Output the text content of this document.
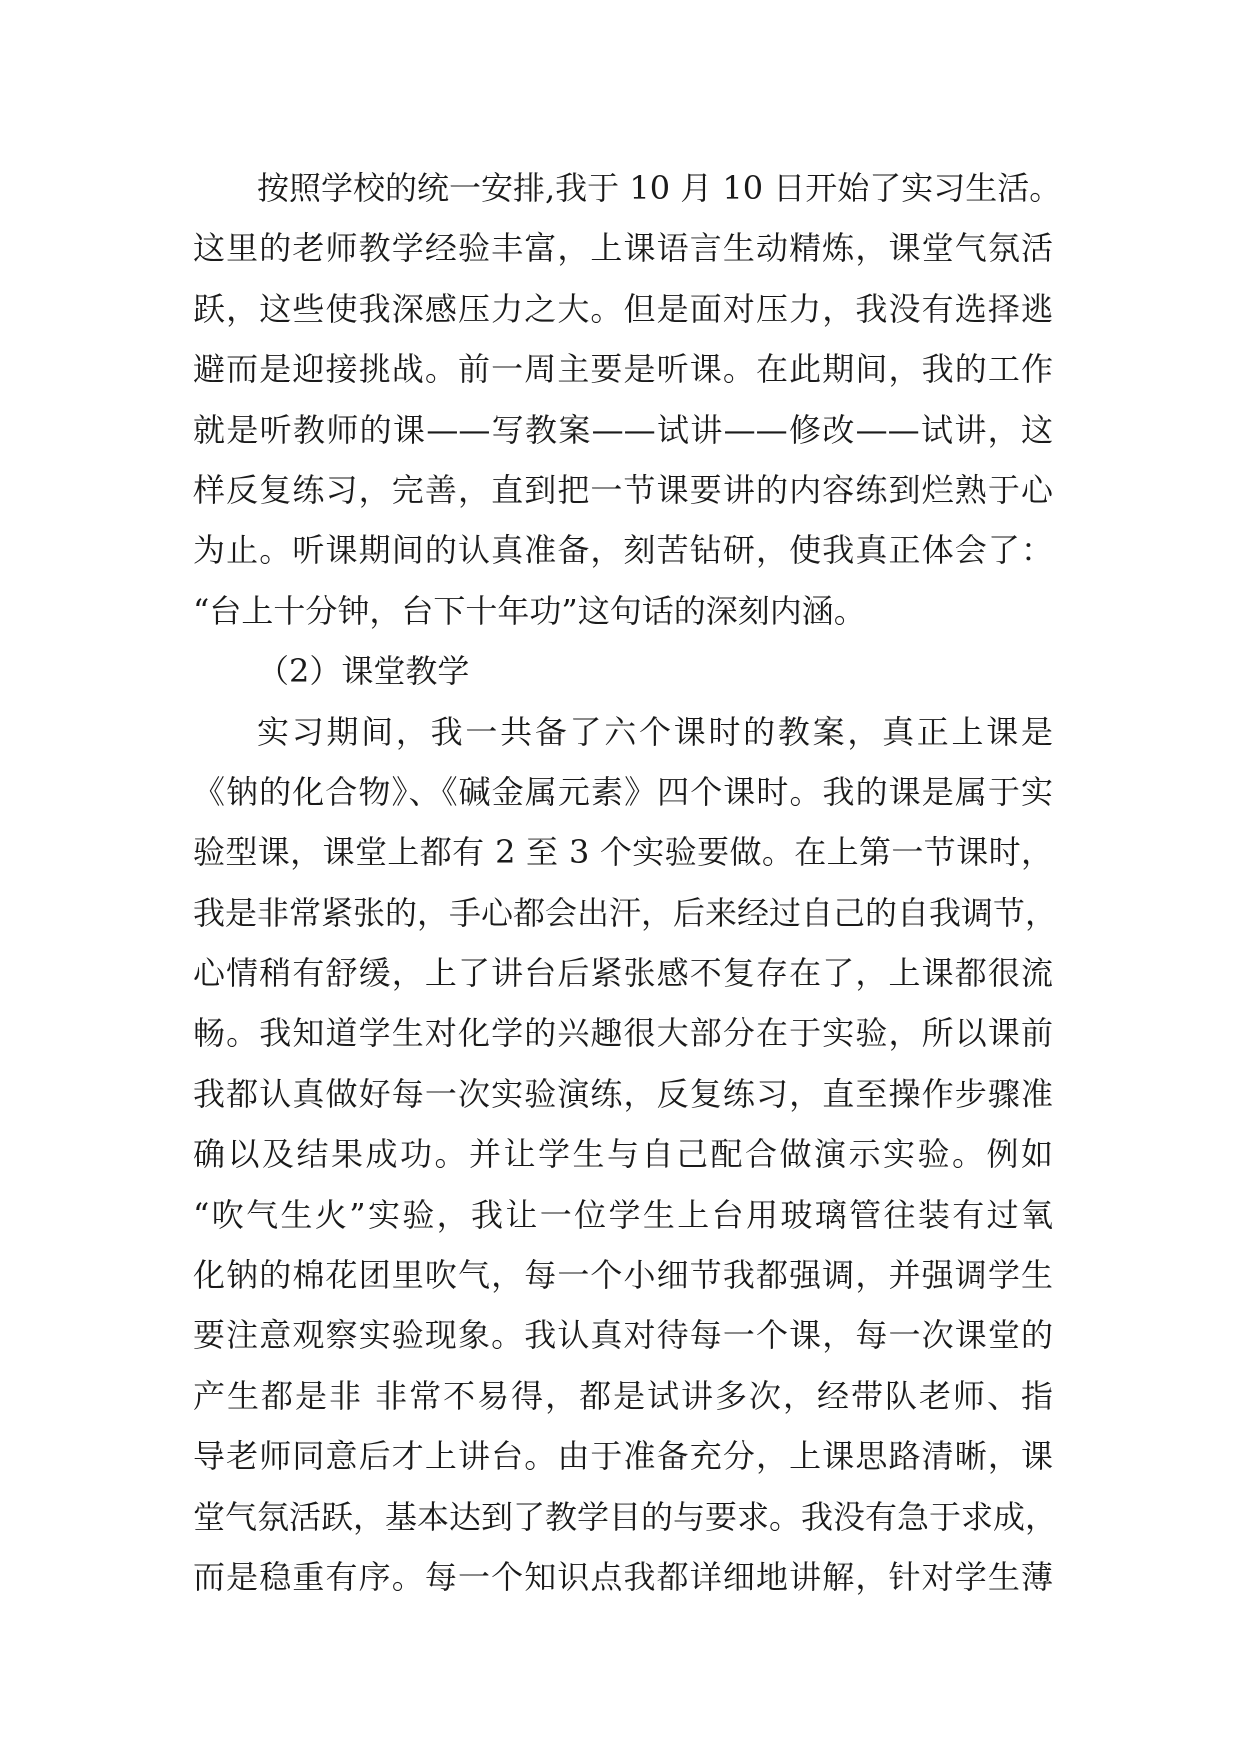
按照学校的统一安排,我于 10 月 10 日开始了实习生活。
这里的老师教学经验丰富，上课语言生动精炼，课堂气氛活
跃，这些使我深感压力之大。但是面对压力，我没有选择逃
避而是迎接挑战。前一周主要是听课。在此期间，我的工作
就是听教师的课——写教案——试讲——修改——试讲，这
样反复练习，完善，直到把一节课要讲的内容练到烂熟于心
为止。听课期间的认真准备，刻苦钻研，使我真正体会了：
“台上十分钟，台下十年功”这句话的深刻内涵。
（2）课堂教学
实习期间，我一共备了六个课时的教案，真正上课是
《钠的化合物》、《碱金属元素》四个课时。我的课是属于实
验型课，课堂上都有 2 至 3 个实验要做。在上第一节课时，
我是非常紧张的，手心都会出汗，后来经过自己的自我调节，
心情稍有舒缓，上了讲台后紧张感不复存在了，上课都很流
畅。我知道学生对化学的兴趣很大部分在于实验，所以课前
我都认真做好每一次实验演练，反复练习，直至操作步骤准
确以及结果成功。并让学生与自己配合做演示实验。例如
“吹气生火”实验，我让一位学生上台用玻璃管往装有过氧
化钠的棉花团里吹气，每一个小细节我都强调，并强调学生
要注意观察实验现象。我认真对待每一个课，每一次课堂的
产生都是非 非常不易得，都是试讲多次，经带队老师、指
导老师同意后才上讲台。由于准备充分，上课思路清晰，课
堂气氛活跃，基本达到了教学目的与要求。我没有急于求成，
而是稳重有序。每一个知识点我都详细地讲解，针对学生薄
